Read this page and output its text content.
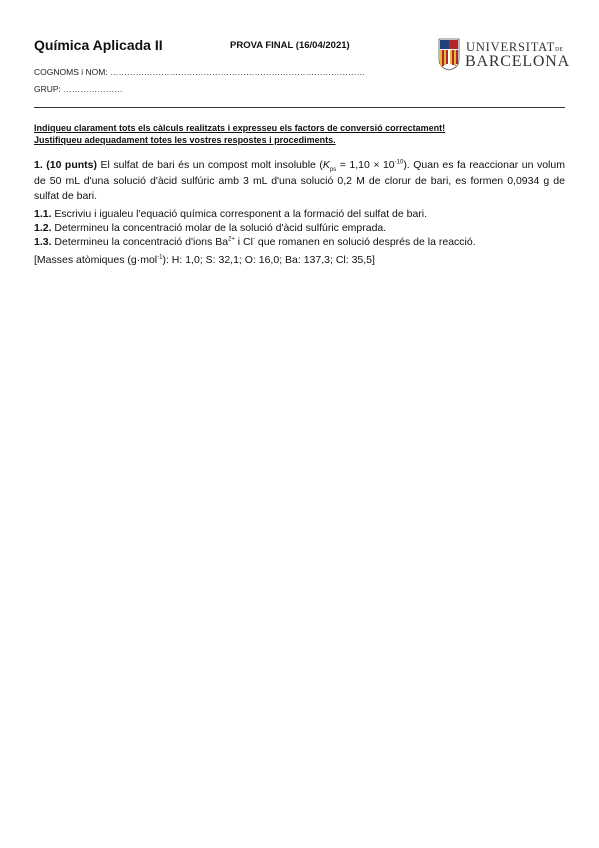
Química Aplicada II	PROVA FINAL (16/04/2021)
COGNOMS i NOM: ………………………………………………………………………………
GRUP: …………………
UNIVERSITATDE
BARCELONA
Indiqueu clarament tots els càlculs realitzats i expresseu els factors de conversió correctament!
Justifiqueu adequadament totes les vostres respostes i procediments.
1. (10 punts) El sulfat de bari és un compost molt insoluble $(K_{ps} = 1,10 \times 10^{-10})$. Quan es fa reaccionar un volum de 50 mL d'una solució d'àcid sulfúric amb 3 mL d'una solució 0,2 M de clorur de bari, es formen 0,0934 g de sulfat de bari.
1.1. Escriviu i igualeu l'equació química corresponent a la formació del sulfat de bari.
1.2. Determineu la concentració molar de la solució d'àcid sulfúric emprada.
1.3. Determineu la concentració d'ions $Ba^{2+}$ i Cl- que romanen en solució després de la reacció.
[Masses atòmiques (g·mol$^{-1}$): H: 1,0; S: 32,1; O: 16,0; Ba: 137,3; Cl: 35,5]
